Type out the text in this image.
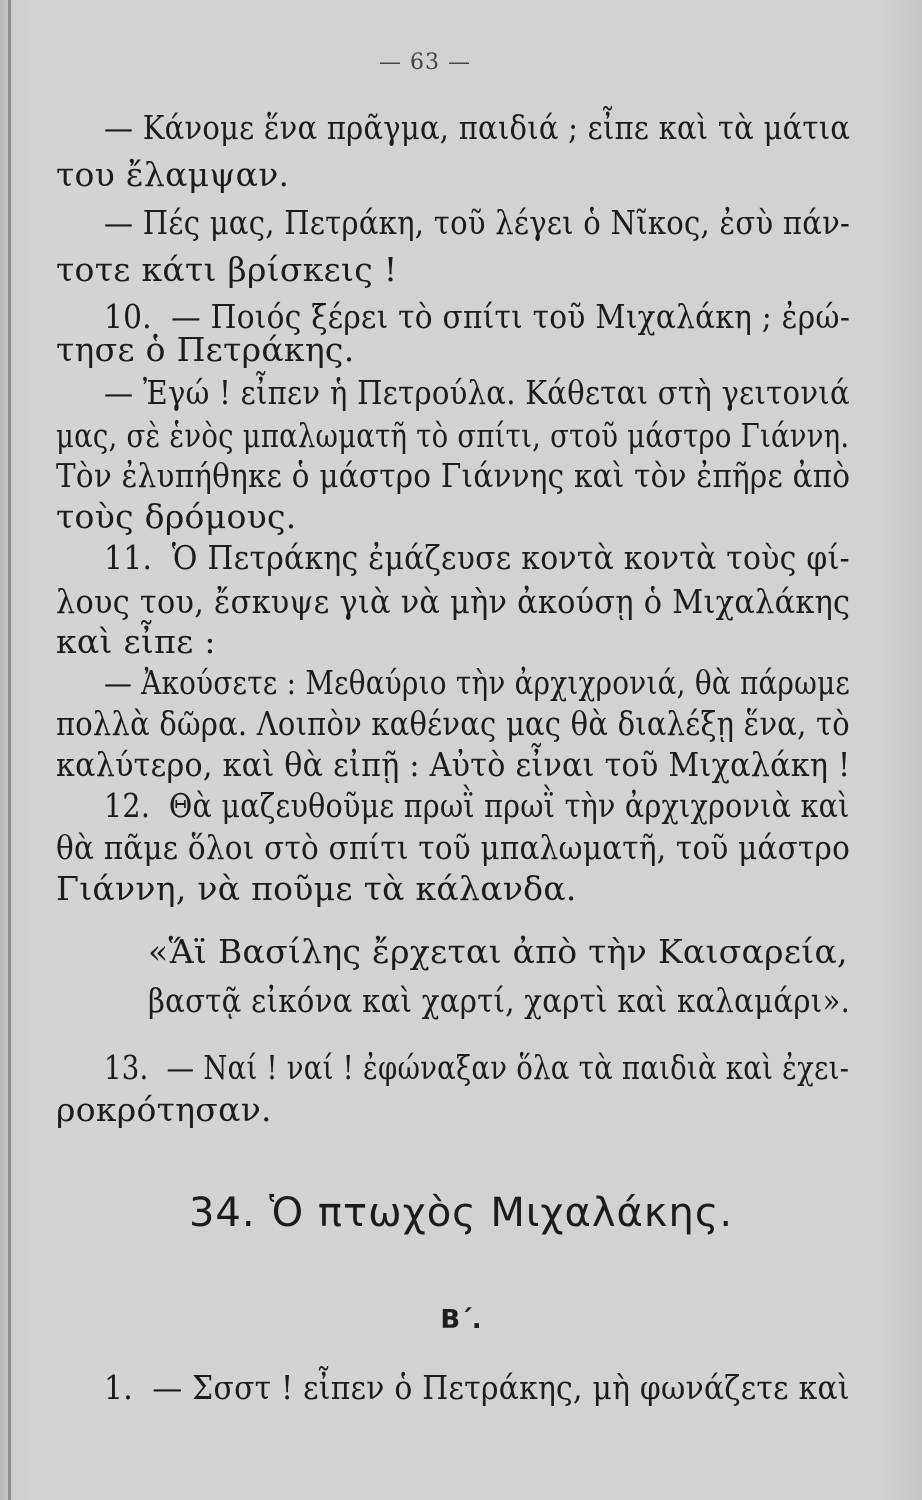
— 63 —
— Κάνομε ἕνα πρᾶγμα, παιδιά ; εἶπε καὶ τὰ μάτια
του ἔλαμψαν.
— Πές μας, Πετράκη, τοῦ λέγει ὁ Νῖκος, ἐσὺ πάν-
τοτε κάτι βρίσκεις !
10.  — Ποιός ξέρει τὸ σπίτι τοῦ Μιχαλάκη ; ἐρώ-
τησε ὁ Πετράκης.
— Ἐγώ ! εἶπεν ἡ Πετρούλα. Κάθεται στὴ γειτονιά
μας, σὲ ἑνὸς μπαλωματῆ τὸ σπίτι, στοῦ μάστρο Γιάννη.
Τὸν ἐλυπήθηκε ὁ μάστρο Γιάννης καὶ τὸν ἐπῆρε ἀπὸ
τοὺς δρόμους.
11.  Ὁ Πετράκης ἐμάζευσε κοντὰ κοντὰ τοὺς φί-
λους του, ἔσκυψε γιὰ νὰ μὴν ἀκούσῃ ὁ Μιχαλάκης
καὶ εἶπε :
— Ἀκούσετε : Μεθαύριο τὴν ἀρχιχρονιά, θὰ πάρωμε
πολλὰ δῶρα. Λοιπὸν καθένας μας θὰ διαλέξῃ ἕνα, τὸ
καλύτερο, καὶ θὰ εἰπῇ : Αὐτὸ εἶναι τοῦ Μιχαλάκη !
12.  Θὰ μαζευθοῦμε πρωῒ πρωῒ τὴν ἀρχιχρονιὰ καὶ
θὰ πᾶμε ὅλοι στὸ σπίτι τοῦ μπαλωματῆ, τοῦ μάστρο
Γιάννη, νὰ ποῦμε τὰ κάλανδα.
«Ἅϊ Βασίλης ἔρχεται ἀπὸ τὴν Καισαρεία,
βαστᾷ εἰκόνα καὶ χαρτί, χαρτὶ καὶ καλαμάρι».
13.  — Ναί ! ναί ! ἐφώναξαν ὅλα τὰ παιδιὰ καὶ ἐχει-
ροκρότησαν.
34. Ὁ πτωχὸς Μιχαλάκης.
Β΄.
1.  — Σσστ ! εἶπεν ὁ Πετράκης, μὴ φωνάζετε καὶ
